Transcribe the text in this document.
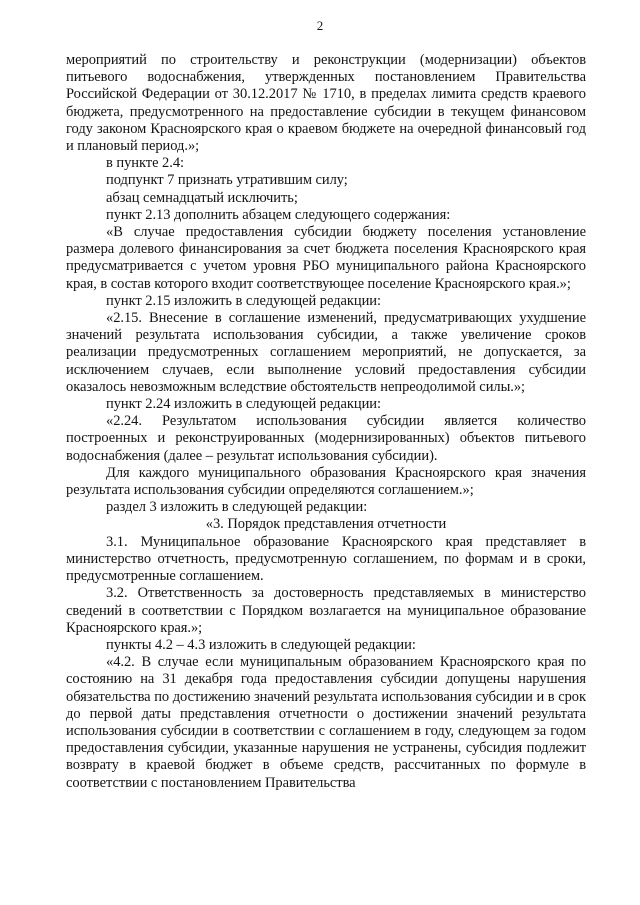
2

мероприятий по строительству и реконструкции (модернизации) объектов питьевого водоснабжения, утвержденных постановлением Правительства Российской Федерации от 30.12.2017 № 1710, в пределах лимита средств краевого бюджета, предусмотренного на предоставление субсидии в текущем финансовом году законом Красноярского края о краевом бюджете на очередной финансовый год и плановый период.»;

в пункте 2.4:

подпункт 7 признать утратившим силу;

абзац семнадцатый исключить;

пункт 2.13 дополнить абзацем следующего содержания:

«В случае предоставления субсидии бюджету поселения установление размера долевого финансирования за счет бюджета поселения Красноярского края предусматривается с учетом уровня РБО муниципального района Красноярского края, в состав которого входит соответствующее поселение Красноярского края.»;

пункт 2.15 изложить в следующей редакции:

«2.15. Внесение в соглашение изменений, предусматривающих ухудшение значений результата использования субсидии, а также увеличение сроков реализации предусмотренных соглашением мероприятий, не допускается, за исключением случаев, если выполнение условий предоставления субсидии оказалось невозможным вследствие обстоятельств непреодолимой силы.»;

пункт 2.24 изложить в следующей редакции:

«2.24. Результатом использования субсидии является количество построенных и реконструированных (модернизированных) объектов питьевого водоснабжения (далее – результат использования субсидии).

Для каждого муниципального образования Красноярского края значения результата использования субсидии определяются соглашением.»;

раздел 3 изложить в следующей редакции:

«3. Порядок представления отчетности

3.1. Муниципальное образование Красноярского края представляет в министерство отчетность, предусмотренную соглашением, по формам и в сроки, предусмотренные соглашением.

3.2. Ответственность за достоверность представляемых в министерство сведений в соответствии с Порядком возлагается на муниципальное образование Красноярского края.»;

пункты 4.2 – 4.3 изложить в следующей редакции:

«4.2. В случае если муниципальным образованием Красноярского края по состоянию на 31 декабря года предоставления субсидии допущены нарушения обязательства по достижению значений результата использования субсидии и в срок до первой даты представления отчетности о достижении значений результата использования субсидии в соответствии с соглашением в году, следующем за годом предоставления субсидии, указанные нарушения не устранены, субсидия подлежит возврату в краевой бюджет в объеме средств, рассчитанных по формуле в соответствии с постановлением Правительства
